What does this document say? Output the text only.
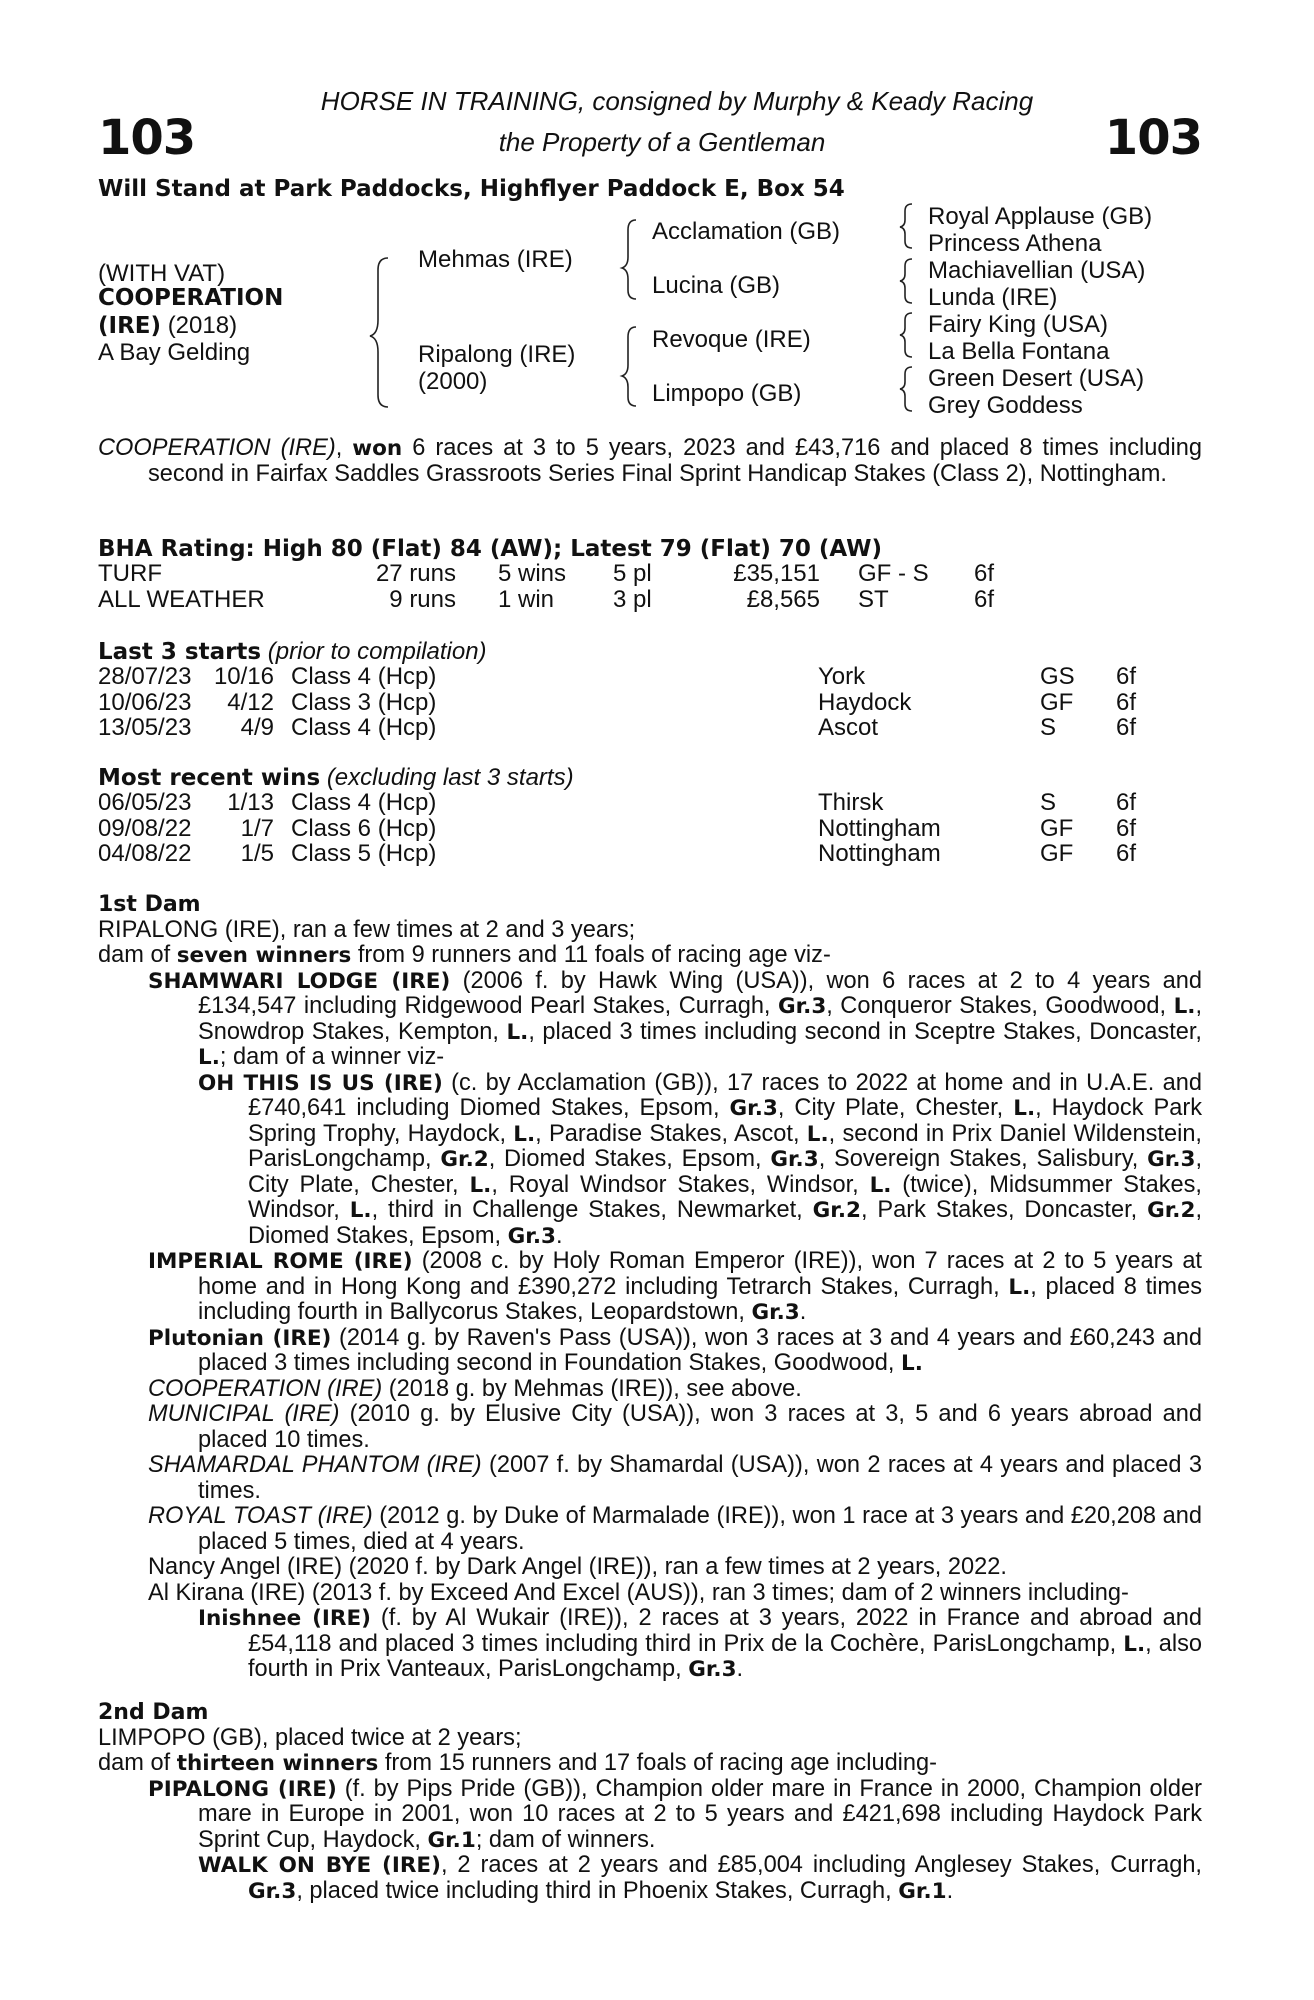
103	103
HORSE IN TRAINING, consigned by Murphy & Keady Racing
the Property of a Gentleman
Will Stand at Park Paddocks, Highflyer Paddock E, Box 54
(WITH VAT)
COOPERATION
(IRE) (2018)
A Bay Gelding
Mehmas (IRE)
Ripalong (IRE)
(2000)
Acclamation (GB)
Lucina (GB)
Revoque (IRE)
Limpopo (GB)
Royal Applause (GB)
Princess Athena
Machiavellian (USA)
Lunda (IRE)
Fairy King (USA)
La Bella Fontana
Green Desert (USA)
Grey Goddess

COOPERATION (IRE), won 6 races at 3 to 5 years, 2023 and £43,716 and placed 8 times including second in Fairfax Saddles Grassroots Series Final Sprint Handicap Stakes (Class 2), Nottingham.

BHA Rating: High 80 (Flat) 84 (AW); Latest 79 (Flat) 70 (AW)
TURF	27 runs 5 wins 5 pl	£35,151 GF - S 6f
ALL WEATHER	9 runs 1 win 3 pl	£8,565 ST	6f
Last 3 starts (prior to compilation)
28/07/23 10/16 Class 4 (Hcp)	York	GS 6f
10/06/23	4/12 Class 3 (Hcp)	Haydock	GF 6f
13/05/23	4/9 Class 4 (Hcp)	Ascot	S 6f
Most recent wins (excluding last 3 starts)
06/05/23	1/13 Class 4 (Hcp)	Thirsk	S 6f
09/08/22	1/7 Class 6 (Hcp)	Nottingham	GF 6f
04/08/22	1/5 Class 5 (Hcp)	Nottingham	GF 6f

1st Dam

RIPALONG (IRE), ran a few times at 2 and 3 years;

dam of seven winners from 9 runners and 11 foals of racing age viz-

SHAMWARI LODGE (IRE) (2006 f. by Hawk Wing (USA)), won 6 races at 2 to 4 years and £134,547 including Ridgewood Pearl Stakes, Curragh, Gr.3, Conqueror Stakes, Goodwood, L., Snowdrop Stakes, Kempton, L., placed 3 times including second in Sceptre Stakes, Doncaster, L.; dam of a winner viz-

OH THIS IS US (IRE) (c. by Acclamation (GB)), 17 races to 2022 at home and in U.A.E. and £740,641 including Diomed Stakes, Epsom, Gr.3, City Plate, Chester, L., Haydock Park Spring Trophy, Haydock, L., Paradise Stakes, Ascot, L., second in Prix Daniel Wildenstein, ParisLongchamp, Gr.2, Diomed Stakes, Epsom, Gr.3, Sovereign Stakes, Salisbury, Gr.3, City Plate, Chester, L., Royal Windsor Stakes, Windsor, L. (twice), Midsummer Stakes, Windsor, L., third in Challenge Stakes, Newmarket, Gr.2, Park Stakes, Doncaster, Gr.2, Diomed Stakes, Epsom, Gr.3.

IMPERIAL ROME (IRE) (2008 c. by Holy Roman Emperor (IRE)), won 7 races at 2 to 5 years at home and in Hong Kong and £390,272 including Tetrarch Stakes, Curragh, L., placed 8 times including fourth in Ballycorus Stakes, Leopardstown, Gr.3.

Plutonian (IRE) (2014 g. by Raven's Pass (USA)), won 3 races at 3 and 4 years and £60,243 and placed 3 times including second in Foundation Stakes, Goodwood, L.

COOPERATION (IRE) (2018 g. by Mehmas (IRE)), see above.

MUNICIPAL (IRE) (2010 g. by Elusive City (USA)), won 3 races at 3, 5 and 6 years abroad and placed 10 times.

SHAMARDAL PHANTOM (IRE) (2007 f. by Shamardal (USA)), won 2 races at 4 years and placed 3 times.

ROYAL TOAST (IRE) (2012 g. by Duke of Marmalade (IRE)), won 1 race at 3 years and £20,208 and placed 5 times, died at 4 years.

Nancy Angel (IRE) (2020 f. by Dark Angel (IRE)), ran a few times at 2 years, 2022.

Al Kirana (IRE) (2013 f. by Exceed And Excel (AUS)), ran 3 times; dam of 2 winners including-

Inishnee (IRE) (f. by Al Wukair (IRE)), 2 races at 3 years, 2022 in France and abroad and £54,118 and placed 3 times including third in Prix de la Cochère, ParisLongchamp, L., also fourth in Prix Vanteaux, ParisLongchamp, Gr.3.

2nd Dam

LIMPOPO (GB), placed twice at 2 years;

dam of thirteen winners from 15 runners and 17 foals of racing age including-

PIPALONG (IRE) (f. by Pips Pride (GB)), Champion older mare in France in 2000, Champion older mare in Europe in 2001, won 10 races at 2 to 5 years and £421,698 including Haydock Park Sprint Cup, Haydock, Gr.1; dam of winners.

WALK ON BYE (IRE), 2 races at 2 years and £85,004 including Anglesey Stakes, Curragh, Gr.3, placed twice including third in Phoenix Stakes, Curragh, Gr.1.
